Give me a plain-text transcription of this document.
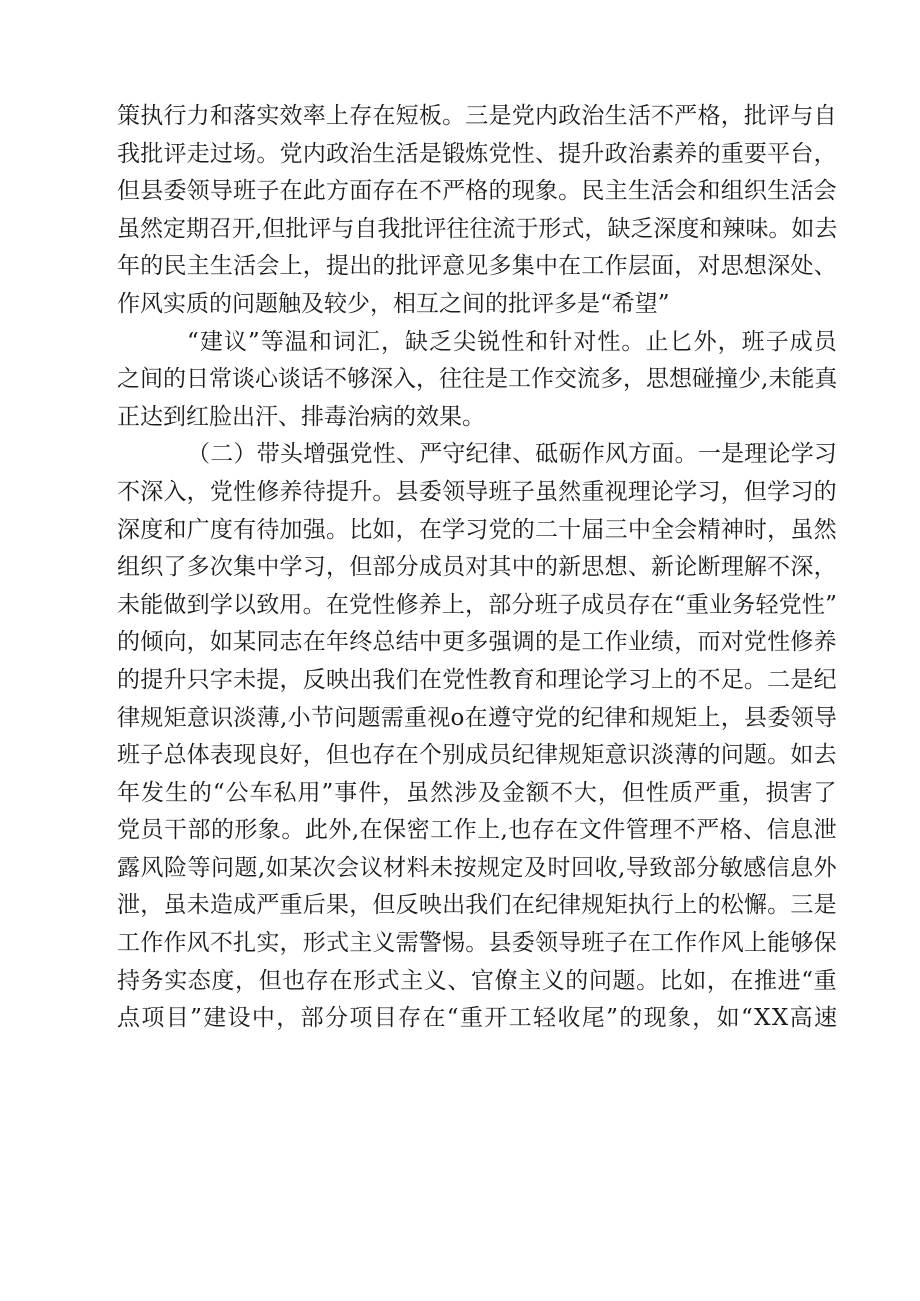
策 执 行 力 和 落 实 效 率 上 存 在 短 板 。 三 是 党 内 政 治 生 活 不 严 格 ， 批 评 与 自
我 批 评 走 过 场 。 党 内 政 治 生 活 是 锻 炼 党 性 、 提 升 政 治 素 养 的 重 要 平 台 ，
但 县 委 领 导 班 子 在 此 方 面 存 在 不 严 格 的 现 象 。 民 主 生 活 会 和 组 织 生 活 会
虽 然 定 期 召 开 , 但 批 评 与 自 我 批 评 往 往 流 于 形 式 ， 缺 乏 深 度 和 辣 味 。 如 去
年 的 民 主 生 活 会 上 ， 提 出 的 批 评 意 见 多 集 中 在 工 作 层 面 ， 对 思 想 深 处 、
作风实质的问题触及较少，相互之间的批评多是“希望”
“ 建 议 ” 等 温 和 词 汇 ， 缺 乏 尖 锐 性 和 针 对 性 。 止 匕 外 ， 班 子 成 员
之 间 的 日 常 谈 心 谈 话 不 够 深 入 ， 往 往 是 工 作 交 流 多 ， 思 想 碰 撞 少 , 未 能 真
正达到红脸出汗、排毒治病的效果。
（ 二 ） 带 头 增 强 党 性 、 严 守 纪 律 、 砥 砺 作 风 方 面 。 一 是 理 论 学 习
不 深 入 ， 党 性 修 养 待 提 升 。 县 委 领 导 班 子 虽 然 重 视 理 论 学 习 ， 但 学 习 的
深 度 和 广 度 有 待 加 强 。 比 如 ， 在 学 习 党 的 二 十 届 三 中 全 会 精 神 时 ， 虽 然
组 织 了 多 次 集 中 学 习 ， 但 部 分 成 员 对 其 中 的 新 思 想 、 新 论 断 理 解 不 深 ，
未 能 做 到 学 以 致 用 。 在 党 性 修 养 上 ， 部 分 班 子 成 员 存 在 “ 重 业 务 轻 党 性 ”
的 倾 向 ， 如 某 同 志 在 年 终 总 结 中 更 多 强 调 的 是 工 作 业 绩 ， 而 对 党 性 修 养
的 提 升 只 字 未 提 ， 反 映 出 我 们 在 党 性 教 育 和 理 论 学 习 上 的 不 足 。 二 是 纪
律 规 矩 意 识 淡 薄 , 小 节 问 题 需 重 视 o 在 遵 守 党 的 纪 律 和 规 矩 上 ， 县 委 领 导
班 子 总 体 表 现 良 好 ， 但 也 存 在 个 别 成 员 纪 律 规 矩 意 识 淡 薄 的 问 题 。 如 去
年 发 生 的 “ 公 车 私 用 ” 事 件 ， 虽 然 涉 及 金 额 不 大 ， 但 性 质 严 重 ， 损 害 了
党 员 干 部 的 形 象 。 此 外 , 在 保 密 工 作 上 , 也 存 在 文 件 管 理 不 严 格 、 信 息 泄
露 风 险 等 问 题 , 如 某 次 会 议 材 料 未 按 规 定 及 时 回 收 , 导 致 部 分 敏 感 信 息 外
泄 ， 虽 未 造 成 严 重 后 果 ， 但 反 映 出 我 们 在 纪 律 规 矩 执 行 上 的 松 懈 。 三 是
工 作 作 风 不 扎 实 ， 形 式 主 义 需 警 惕 。 县 委 领 导 班 子 在 工 作 作 风 上 能 够 保
持 务 实 态 度 ， 但 也 存 在 形 式 主 义 、 官 僚 主 义 的 问 题 。 比 如 ， 在 推 进 “ 重
点 项 目 ” 建 设 中 ， 部 分 项 目 存 在 “ 重 开 工 轻 收 尾 ” 的 现 象 ， 如 “ X X 高 速
